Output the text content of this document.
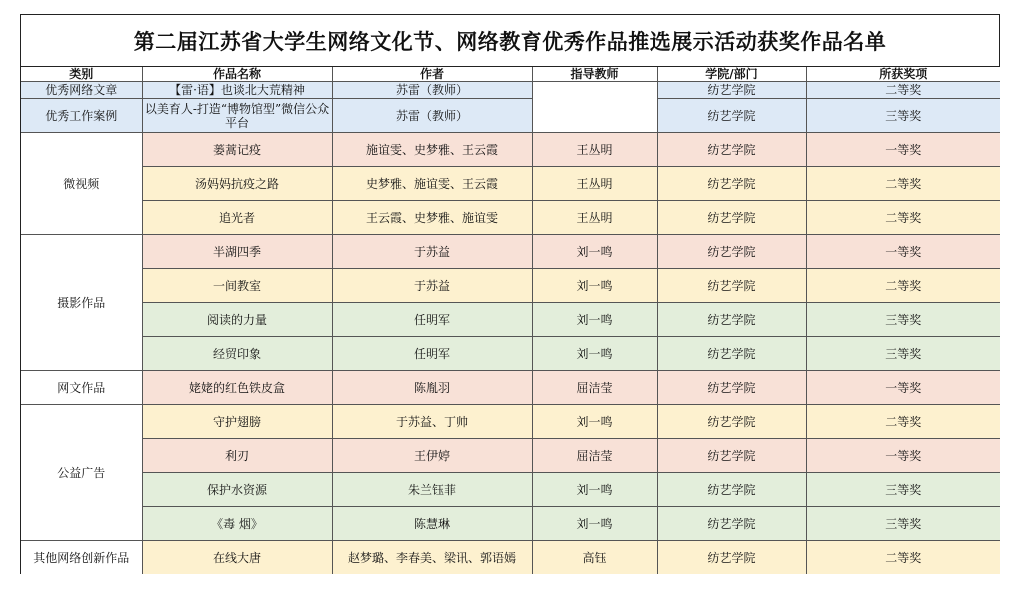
第二届江苏省大学生网络文化节、网络教育优秀作品推选展示活动获奖作品名单
类别	作品名称	作者	指导教师	学院/部门	所获奖项
优秀网络文章	【雷·语】也谈北大荒精神	苏雷（教师）		纺艺学院	二等奖
优秀工作案例	以美育人-打造“博物馆型”微信公众平台	苏雷（教师）		纺艺学院	三等奖
微视频	蒌蒿记疫	施谊雯、史梦雅、王云霞	王丛明	纺艺学院	一等奖
	汤妈妈抗疫之路	史梦雅、施谊雯、王云霞	王丛明	纺艺学院	二等奖
	追光者	王云霞、史梦雅、施谊雯	王丛明	纺艺学院	二等奖
摄影作品	半湖四季	于苏益	刘一鸣	纺艺学院	一等奖
	一间教室	于苏益	刘一鸣	纺艺学院	二等奖
	阅读的力量	任明军	刘一鸣	纺艺学院	三等奖
	经贸印象	任明军	刘一鸣	纺艺学院	三等奖
网文作品	姥姥的红色铁皮盒	陈胤羽	屈洁莹	纺艺学院	一等奖
公益广告	守护翅膀	于苏益、丁帅	刘一鸣	纺艺学院	二等奖
	利刃	王伊婷	屈洁莹	纺艺学院	一等奖
	保护水资源	朱兰钰菲	刘一鸣	纺艺学院	三等奖
	《毒 烟》	陈慧琳	刘一鸣	纺艺学院	三等奖
其他网络创新作品	在线大唐	赵梦璐、李春美、梁讯、郭语嫣	高钰	纺艺学院	二等奖
